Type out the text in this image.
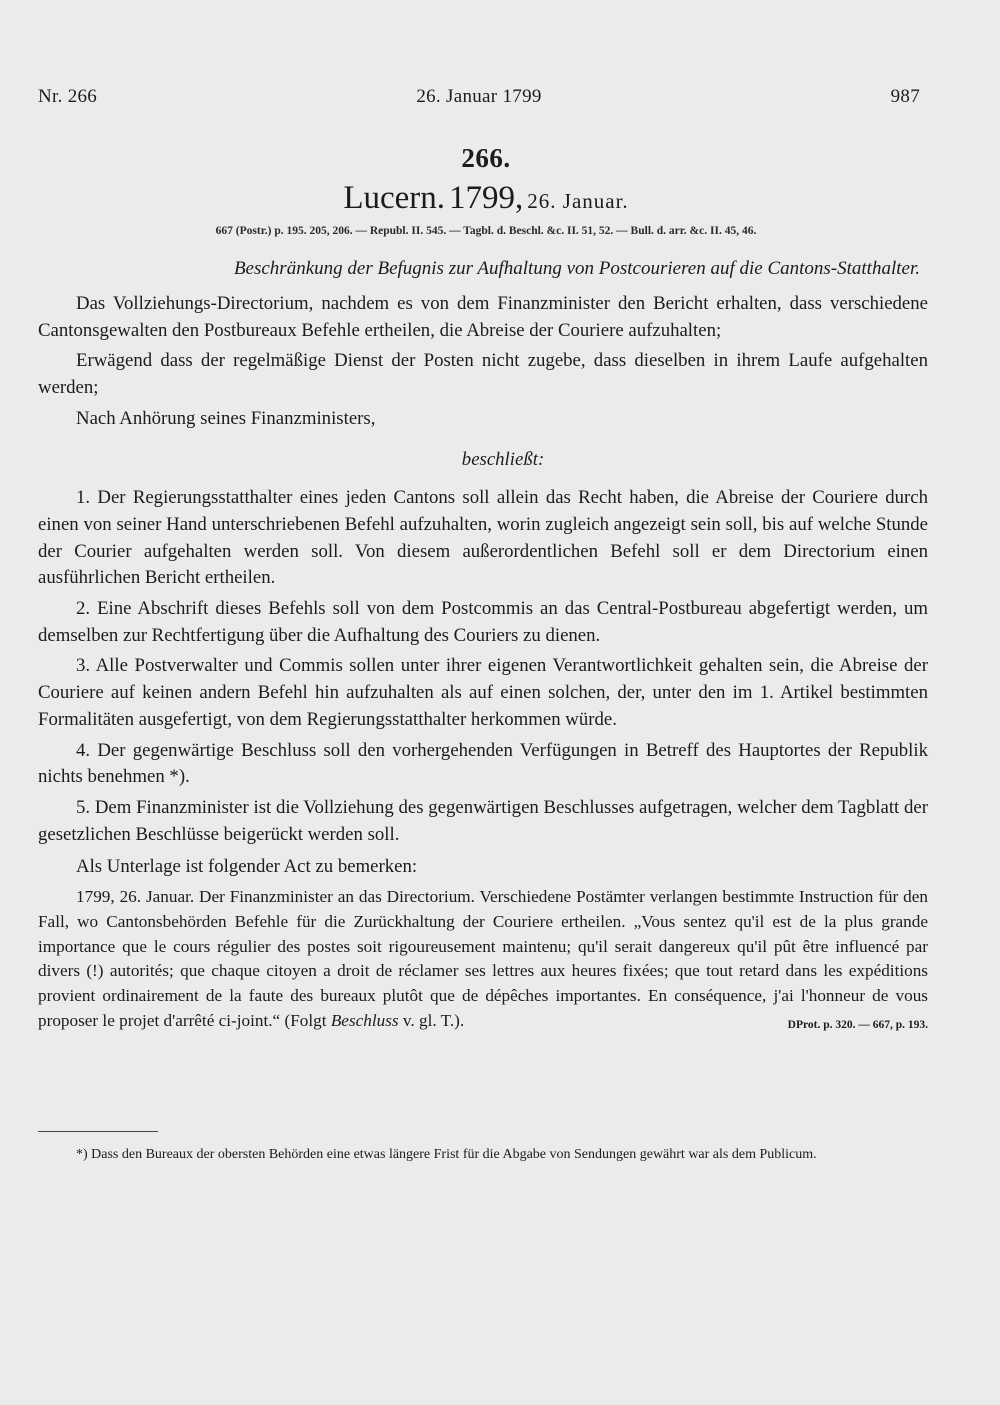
Nr. 266	26. Januar 1799	987
266.
Lucern. 1799, 26. Januar.
667 (Postr.) p. 195. 205, 206. — Republ. II. 545. — Tagbl. d. Beschl. &c. II. 51, 52. — Bull. d. arr. &c. II. 45, 46.
Beschränkung der Befugnis zur Aufhaltung von Postcourieren auf die Cantons-Statthalter.

Das Vollziehungs-Directorium, nachdem es von dem Finanzminister den Bericht erhalten, dass verschiedene Cantonsgewalten den Postbureaux Befehle ertheilen, die Abreise der Couriere aufzuhalten;

Erwägend dass der regelmäßige Dienst der Posten nicht zugebe, dass dieselben in ihrem Laufe aufgehalten werden;

Nach Anhörung seines Finanzministers,

beschließt:

1. Der Regierungsstatthalter eines jeden Cantons soll allein das Recht haben, die Abreise der Couriere durch einen von seiner Hand unterschriebenen Befehl aufzuhalten, worin zugleich angezeigt sein soll, bis auf welche Stunde der Courier aufgehalten werden soll. Von diesem außerordentlichen Befehl soll er dem Directorium einen ausführlichen Bericht ertheilen.

2. Eine Abschrift dieses Befehls soll von dem Postcommis an das Central-Postbureau abgefertigt werden, um demselben zur Rechtfertigung über die Aufhaltung des Couriers zu dienen.

3. Alle Postverwalter und Commis sollen unter ihrer eigenen Verantwortlichkeit gehalten sein, die Abreise der Couriere auf keinen andern Befehl hin aufzuhalten als auf einen solchen, der, unter den im 1. Artikel bestimmten Formalitäten ausgefertigt, von dem Regierungsstatthalter herkommen würde.

4. Der gegenwärtige Beschluss soll den vorhergehenden Verfügungen in Betreff des Hauptortes der Republik nichts benehmen *).

5. Dem Finanzminister ist die Vollziehung des gegenwärtigen Beschlusses aufgetragen, welcher dem Tagblatt der gesetzlichen Beschlüsse beigerückt werden soll.

Als Unterlage ist folgender Act zu bemerken:

1799, 26. Januar. Der Finanzminister an das Directorium. Verschiedene Postämter verlangen bestimmte Instruction für den Fall, wo Cantonsbehörden Befehle für die Zurückhaltung der Couriere ertheilen. „Vous sentez qu'il est de la plus grande importance que le cours régulier des postes soit rigoureusement maintenu; qu'il serait dangereux qu'il pût être influencé par divers (!) autorités; que chaque citoyen a droit de réclamer ses lettres aux heures fixées; que tout retard dans les expéditions provient ordinairement de la faute des bureaux plutôt que de dépêches importantes. En conséquence, j'ai l'honneur de vous proposer le projet d'arrêté ci-joint.“ (Folgt Beschluss v. gl. T.).	DProt. p. 320. — 667, p. 193.

*) Dass den Bureaux der obersten Behörden eine etwas längere Frist für die Abgabe von Sendungen gewährt war als dem Publicum.
